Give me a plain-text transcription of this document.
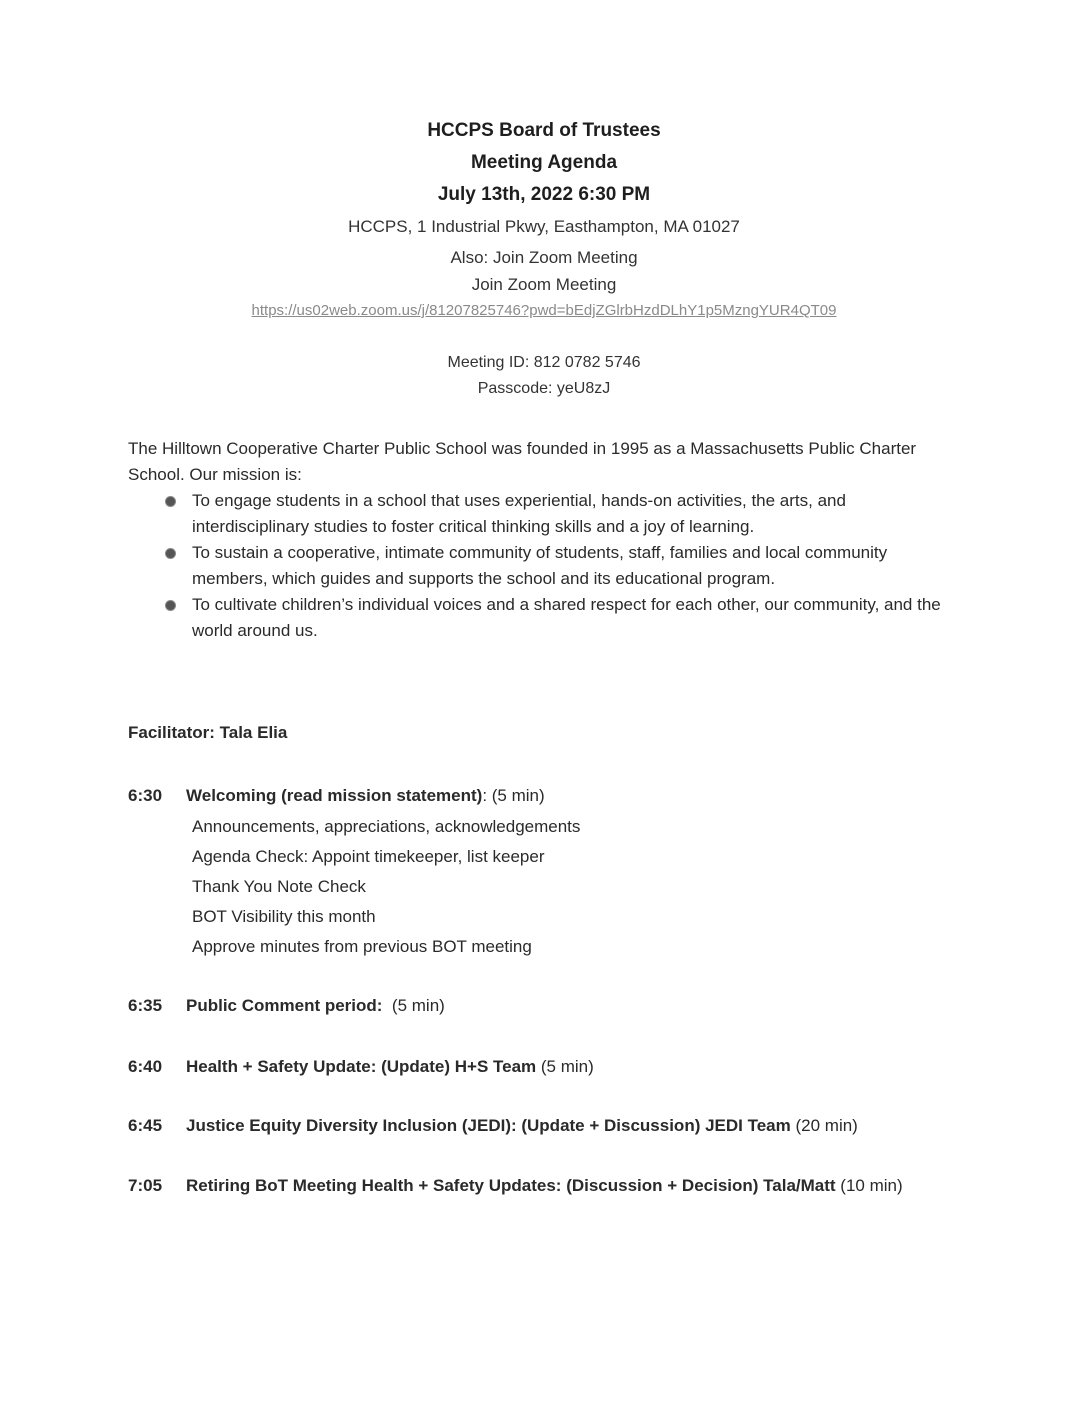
HCCPS Board of Trustees
Meeting Agenda
July 13th, 2022 6:30 PM
HCCPS, 1 Industrial Pkwy, Easthampton, MA 01027
Also: Join Zoom Meeting
Join Zoom Meeting
https://us02web.zoom.us/j/81207825746?pwd=bEdjZGlrbHzdDLhY1p5MzngYUR4QT09
Meeting ID: 812 0782 5746
Passcode: yeU8zJ
The Hilltown Cooperative Charter Public School was founded in 1995 as a Massachusetts Public Charter School. Our mission is:
To engage students in a school that uses experiential, hands-on activities, the arts, and interdisciplinary studies to foster critical thinking skills and a joy of learning.
To sustain a cooperative, intimate community of students, staff, families and local community members, which guides and supports the school and its educational program.
To cultivate children’s individual voices and a shared respect for each other, our community, and the world around us.
Facilitator: Tala Elia
6:30 Welcoming (read mission statement): (5 min)
Announcements, appreciations, acknowledgements
Agenda Check: Appoint timekeeper, list keeper
Thank You Note Check
BOT Visibility this month
Approve minutes from previous BOT meeting
6:35 Public Comment period:  (5 min)
6:40 Health + Safety Update: (Update) H+S Team (5 min)
6:45 Justice Equity Diversity Inclusion (JEDI): (Update + Discussion) JEDI Team (20 min)
7:05 Retiring BoT Meeting Health + Safety Updates: (Discussion + Decision) Tala/Matt (10 min)
